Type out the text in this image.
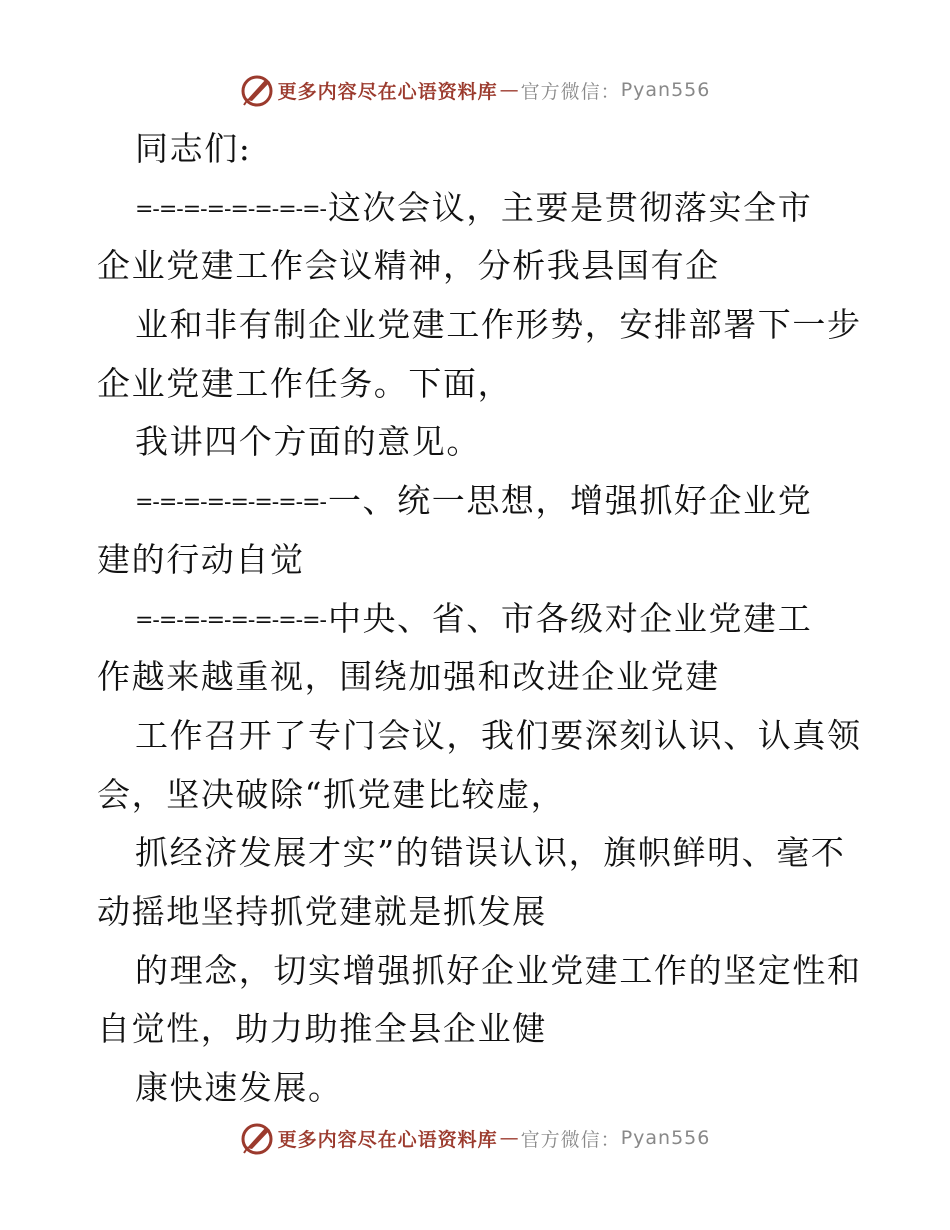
更多内容尽在心语资料库 — 官方微信： Pyan556
同志们:
=-=-=-=-=-=-=-=-这次会议，主要是贯彻落实全市
企业党建工作会议精神，分析我县国有企
业和非有制企业党建工作形势，安排部署下一步
企业党建工作任务。下面，
我讲四个方面的意见。
=-=-=-=-=-=-=-=-一、统一思想，增强抓好企业党
建的行动自觉
=-=-=-=-=-=-=-=-中央、省、市各级对企业党建工
作越来越重视，围绕加强和改进企业党建
工作召开了专门会议，我们要深刻认识、认真领
会，坚决破除“抓党建比较虚，
抓经济发展才实”的错误认识，旗帜鲜明、毫不
动摇地坚持抓党建就是抓发展
的理念，切实增强抓好企业党建工作的坚定性和
自觉性，助力助推全县企业健
康快速发展。
更多内容尽在心语资料库 — 官方微信： Pyan556
